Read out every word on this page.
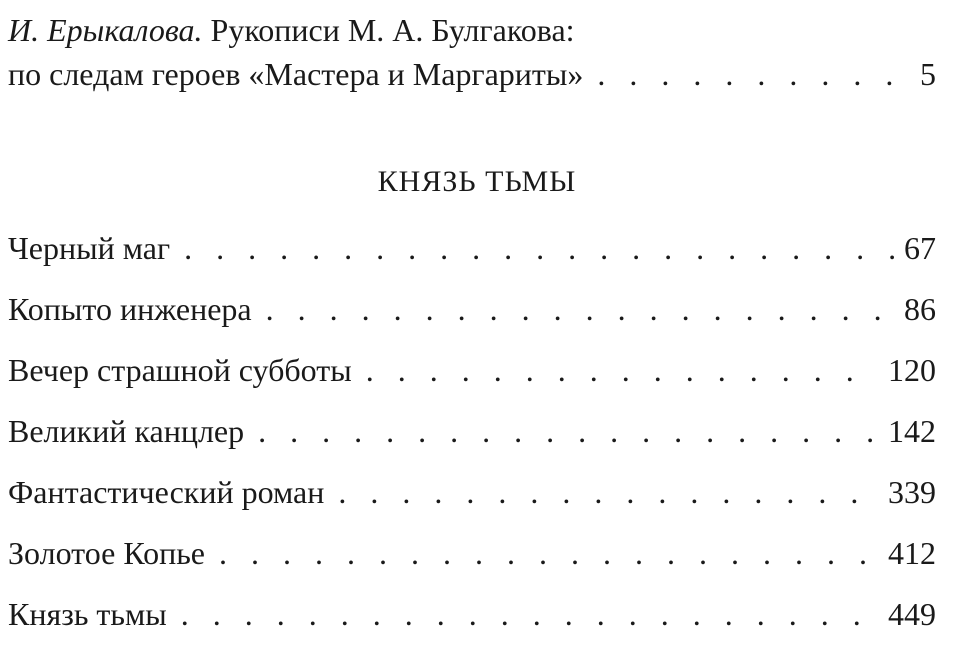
И. Ерыкалова. Рукописи М. А. Булгакова:
по следам героев «Мастера и Маргариты» . . .	5
КНЯЗЬ ТЬМЫ
Черный маг . . .	67
Копыто инженера . . .	86
Вечер страшной субботы . . .	120
Великий канцлер . . .	142
Фантастический роман . . .	339
Золотое Копье . . .	412
Князь тьмы . . .	449
